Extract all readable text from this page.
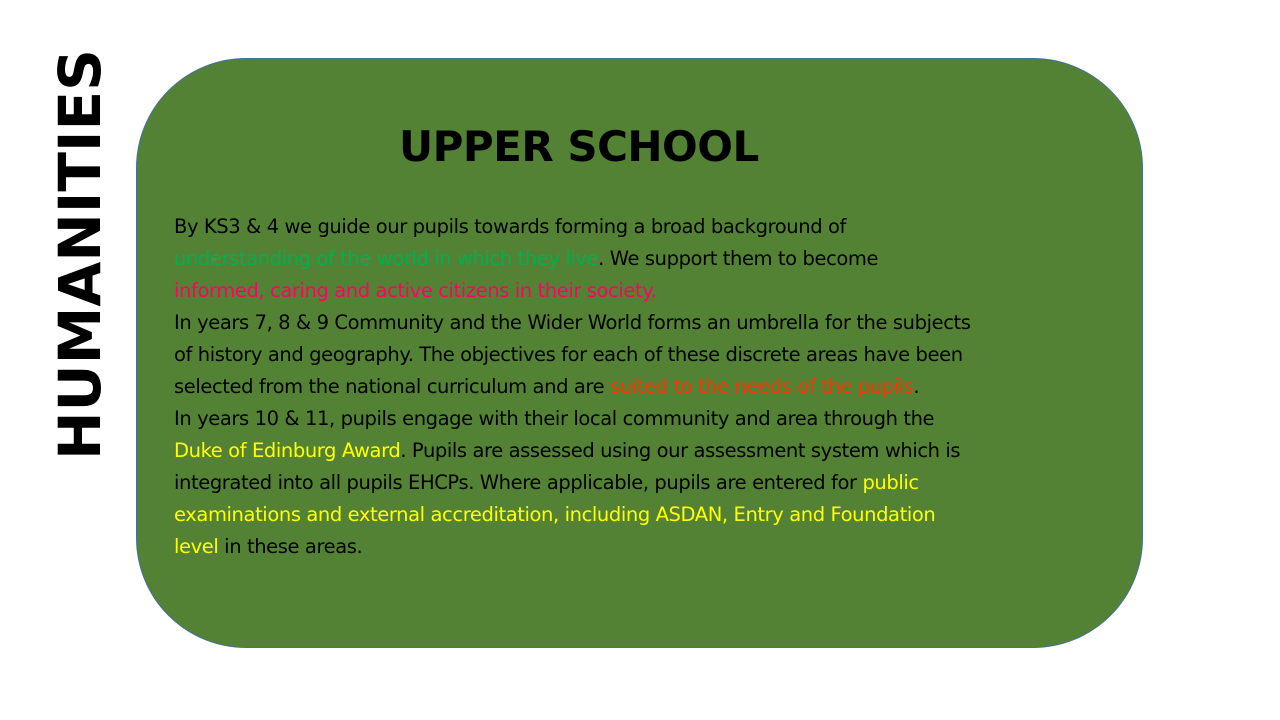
HUMANITIES	UPPER SCHOOL
By KS3 & 4 we guide our pupils towards forming a broad background of
understanding of the world in which they live. We support them to become
informed, caring and active citizens in their society.
In years 7, 8 & 9 Community and the Wider World forms an umbrella for the subjects
of history and geography. The objectives for each of these discrete areas have been
selected from the national curriculum and are suited to the needs of the pupils.
In years 10 & 11, pupils engage with their local community and area through the
Duke of Edinburg Award. Pupils are assessed using our assessment system which is
integrated into all pupils EHCPs. Where applicable, pupils are entered for public
examinations and external accreditation, including ASDAN, Entry and Foundation
level in these areas.
